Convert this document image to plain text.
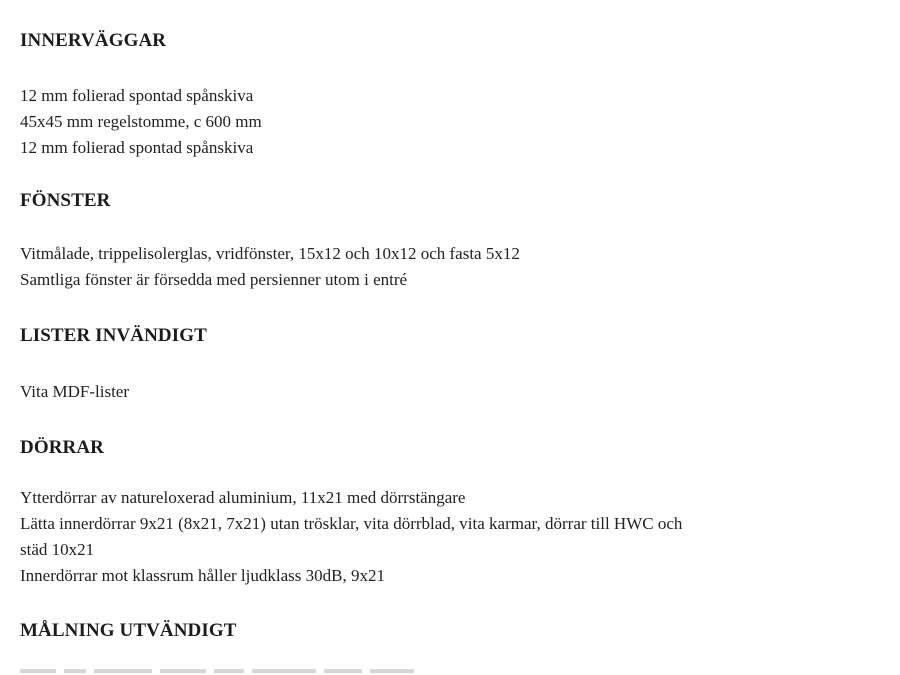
INNERVÄGGAR

12 mm folierad spontad spånskiva

45x45 mm regelstomme, c 600 mm

12 mm folierad spontad spånskiva

FÖNSTER

Vitmålade, trippelisolerglas, vridfönster, 15x12 och 10x12 och fasta 5x12

Samtliga fönster är försedda med persienner utom i entré

LISTER INVÄNDIGT

Vita MDF-lister

DÖRRAR

Ytterdörrar av natureloxerad aluminium, 11x21 med dörrstängare

Lätta innerdörrar 9x21 (8x21, 7x21) utan trösklar, vita dörrblad, vita karmar, dörrar till HWC och

städ 10x21

Innerdörrar mot klassrum håller ljudklass 30dB, 9x21

MÅLNING UTVÄNDIGT
